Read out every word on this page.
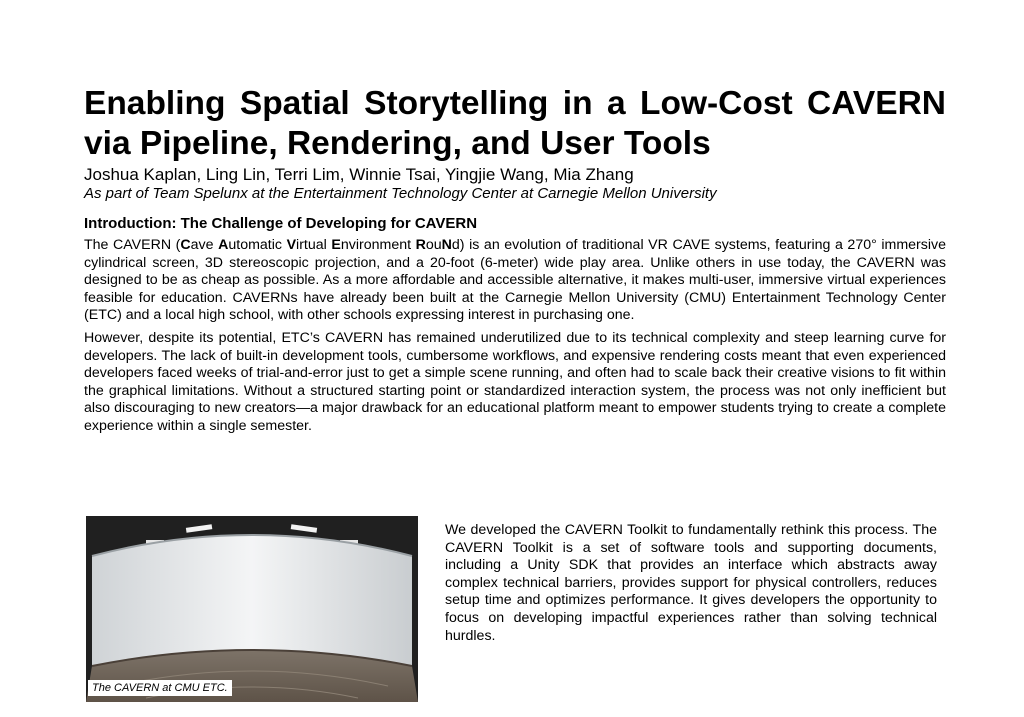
Enabling Spatial Storytelling in a Low-Cost CAVERN via Pipeline, Rendering, and User Tools

Joshua Kaplan, Ling Lin, Terri Lim, Winnie Tsai, Yingjie Wang, Mia Zhang

As part of Team Spelunx at the Entertainment Technology Center at Carnegie Mellon University

Introduction: The Challenge of Developing for CAVERN

The CAVERN (Cave Automatic Virtual Environment RouNd) is an evolution of traditional VR CAVE systems, featuring a 270° immersive cylindrical screen, 3D stereoscopic projection, and a 20-foot (6-meter) wide play area. Unlike others in use today, the CAVERN was designed to be as cheap as possible. As a more affordable and accessible alternative, it makes multi-user, immersive virtual experiences feasible for education. CAVERNs have already been built at the Carnegie Mellon University (CMU) Entertainment Technology Center (ETC) and a local high school, with other schools expressing interest in purchasing one.

However, despite its potential, ETC’s CAVERN has remained underutilized due to its technical complexity and steep learning curve for developers. The lack of built-in development tools, cumbersome workflows, and expensive rendering costs meant that even experienced developers faced weeks of trial-and-error just to get a simple scene running, and often had to scale back their creative visions to fit within the graphical limitations. Without a structured starting point or standardized interaction system, the process was not only inefficient but also discouraging to new creators—a major drawback for an educational platform meant to empower students trying to create a complete experience within a single semester.

We developed the CAVERN Toolkit to fundamentally rethink this process. The CAVERN Toolkit is a set of software tools and supporting documents, including a Unity SDK that provides an interface which abstracts away complex technical barriers, provides support for physical controllers, reduces setup time and optimizes performance. It gives developers the opportunity to focus on developing impactful experiences rather than solving technical hurdles.

The CAVERN at CMU ETC.
